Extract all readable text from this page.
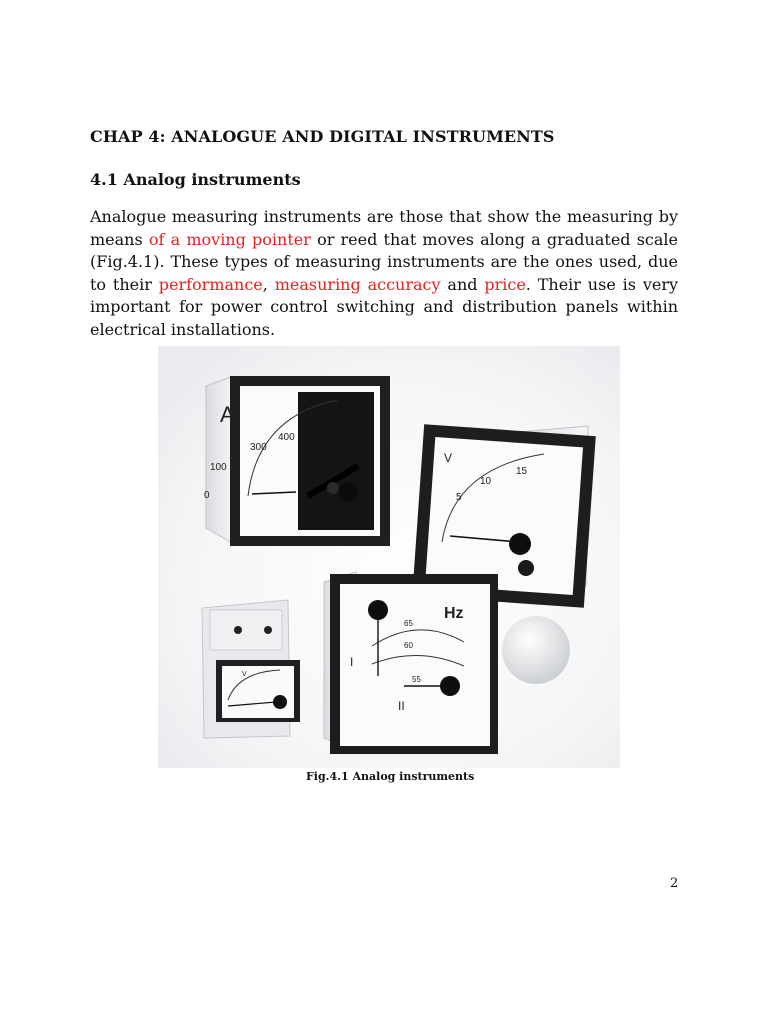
CHAP 4: ANALOGUE AND DIGITAL INSTRUMENTS
4.1 Analog instruments

Analogue measuring instruments are those that show the measuring by means of a moving pointer or reed that moves along a graduated scale (Fig.4.1). These types of measuring instruments are the ones used, due to their performance, measuring accuracy and price. Their use is very important for power control switching and distribution panels within electrical installations.

A
0
100
300
400
V
5
10
15
V
Hz
55
60
65
I
II
Fig.4.1 Analog instruments
2
